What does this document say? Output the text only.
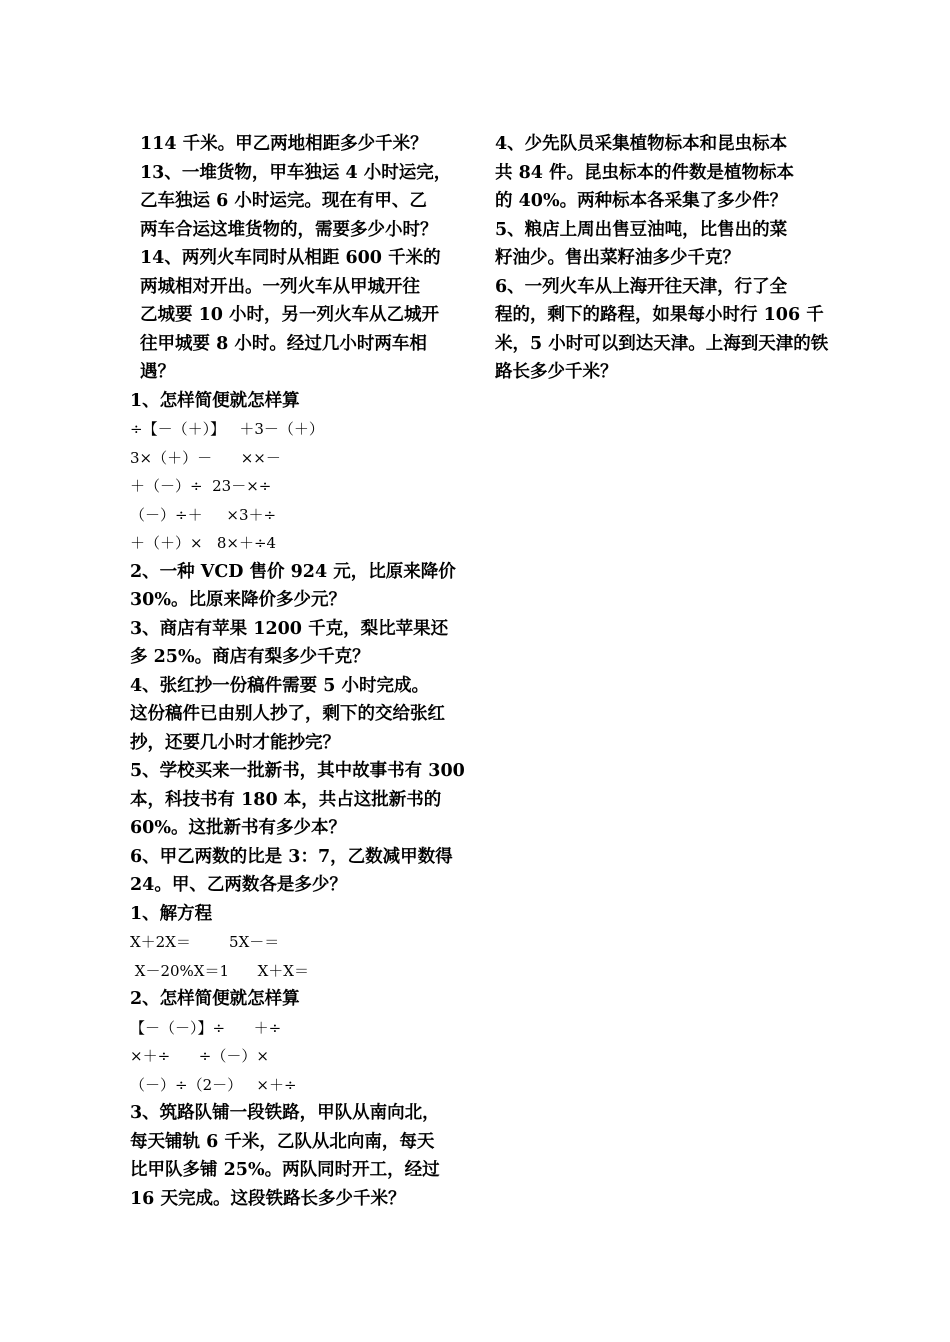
114 千米。甲乙两地相距多少千米？
13、一堆货物，甲车独运 4 小时运完，
乙车独运 6 小时运完。现在有甲、乙
两车合运这堆货物的，需要多少小时？
14、两列火车同时从相距 600 千米的
两城相对开出。一列火车从甲城开往
乙城要 10 小时，另一列火车从乙城开
往甲城要 8 小时。经过几小时两车相
遇？
1、怎样简便就怎样算
÷【－（＋）】   ＋3－（＋）
3×（＋）－      ××－
＋（－）÷  23－×÷
（－）÷＋     ×3＋÷
＋（＋）×   8×＋÷4
2、一种 VCD 售价 924 元，比原来降价
30%。比原来降价多少元？
3、商店有苹果 1200 千克，梨比苹果还
多 25%。商店有梨多少千克？
4、张红抄一份稿件需要 5 小时完成。
这份稿件已由别人抄了，剩下的交给张红
抄，还要几小时才能抄完？
5、学校买来一批新书，其中故事书有 300
本，科技书有 180 本，共占这批新书的
60%。这批新书有多少本？
6、甲乙两数的比是 3：7，乙数减甲数得
24。甲、乙两数各是多少？
1、解方程
X＋2X＝        5X－＝
X－20%X＝1      X＋X＝
2、怎样简便就怎样算
【－（－）】÷      ＋÷
×＋÷      ÷（－）×
（－）÷（2－）   ×＋÷
3、筑路队铺一段铁路，甲队从南向北，
每天铺轨 6 千米，乙队从北向南，每天
比甲队多铺 25%。两队同时开工，经过
16 天完成。这段铁路长多少千米？
4、少先队员采集植物标本和昆虫标本
共 84 件。昆虫标本的件数是植物标本
的 40%。两种标本各采集了多少件？
5、粮店上周出售豆油吨，比售出的菜
籽油少。售出菜籽油多少千克？
6、一列火车从上海开往天津，行了全
程的，剩下的路程，如果每小时行 106 千
米，5 小时可以到达天津。上海到天津的铁
路长多少千米？
